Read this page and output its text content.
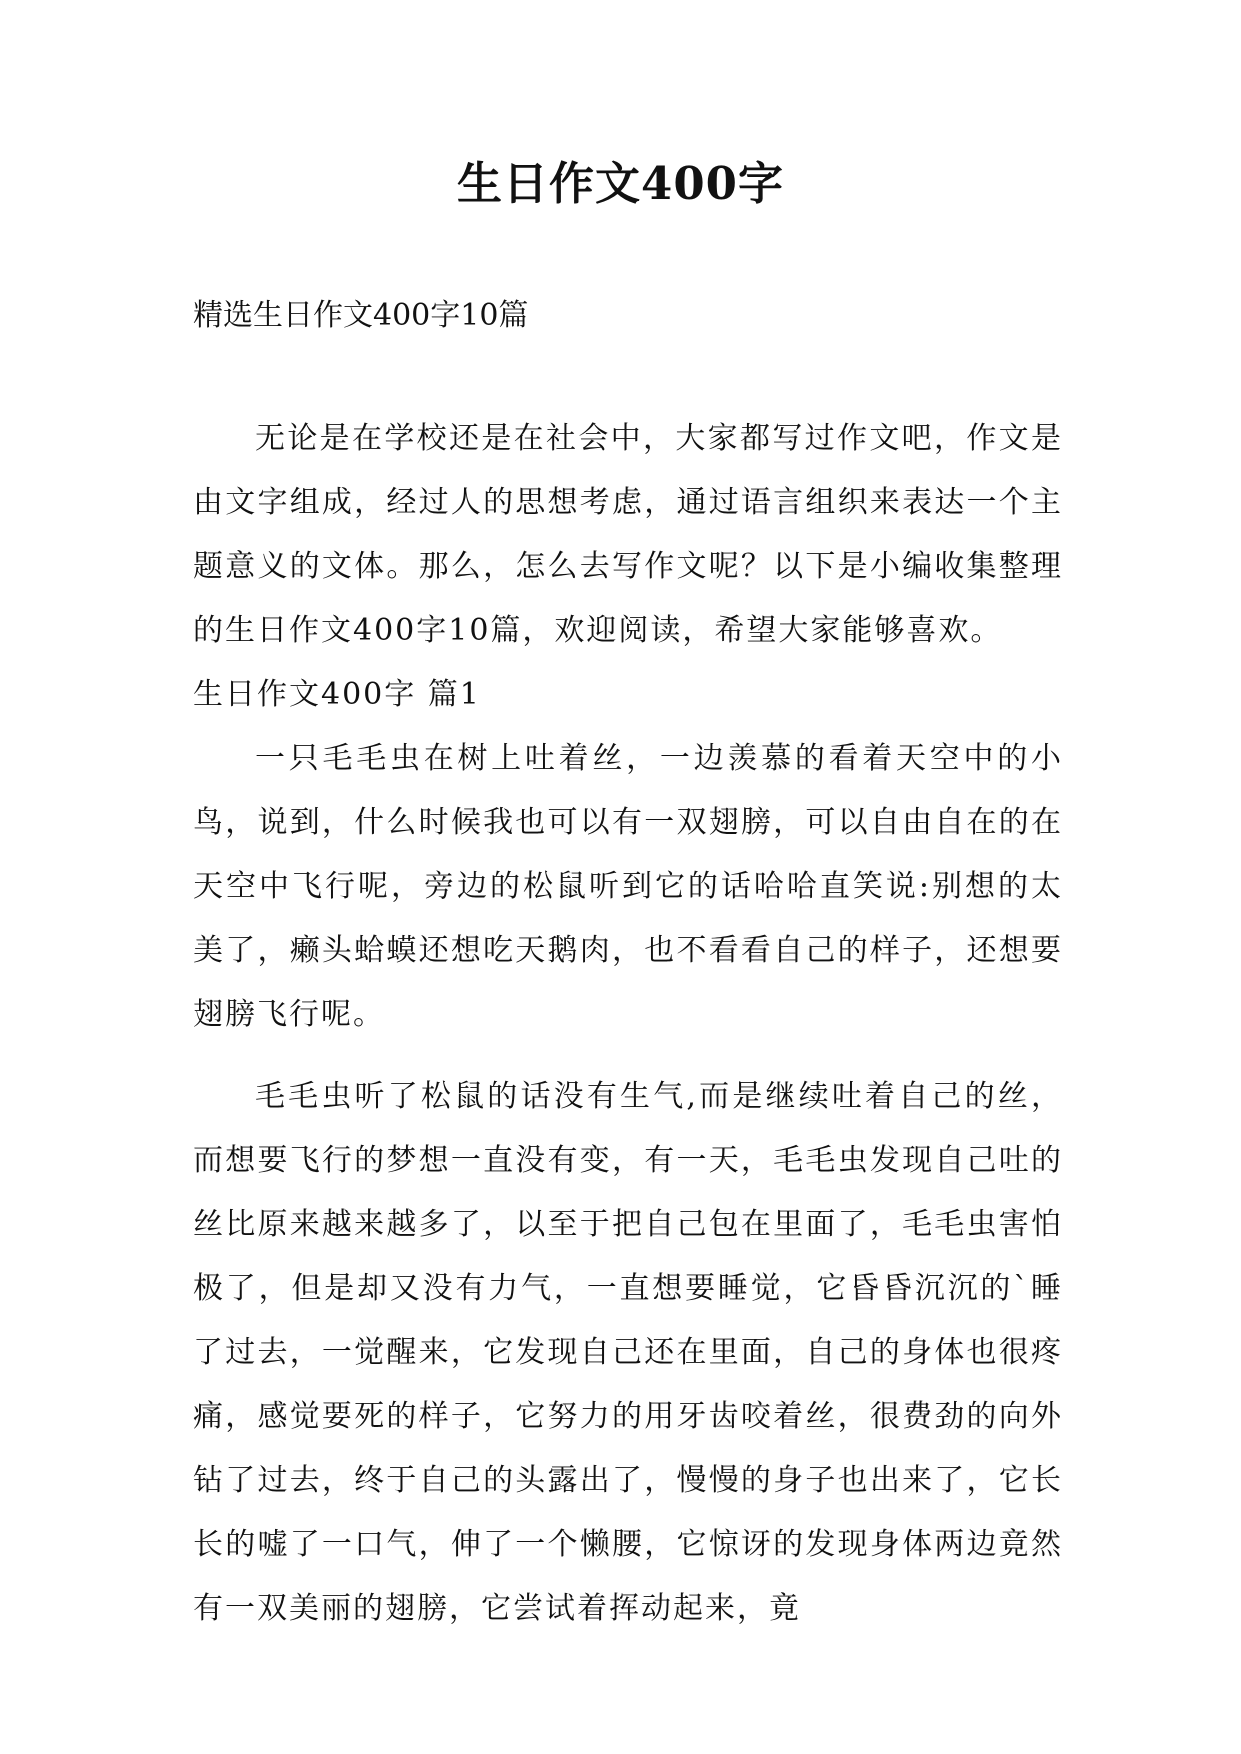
生日作文400字

精选生日作文400字10篇

无论是在学校还是在社会中，大家都写过作文吧，作文是由文字组成，经过人的思想考虑，通过语言组织来表达一个主题意义的文体。那么，怎么去写作文呢？以下是小编收集整理的生日作文400字10篇，欢迎阅读，希望大家能够喜欢。

生日作文400字 篇1

一只毛毛虫在树上吐着丝，一边羡慕的看着天空中的小鸟，说到，什么时候我也可以有一双翅膀，可以自由自在的在天空中飞行呢，旁边的松鼠听到它的话哈哈直笑说:别想的太美了，癞头蛤蟆还想吃天鹅肉，也不看看自己的样子，还想要翅膀飞行呢。

毛毛虫听了松鼠的话没有生气,而是继续吐着自己的丝，而想要飞行的梦想一直没有变，有一天，毛毛虫发现自己吐的丝比原来越来越多了，以至于把自己包在里面了，毛毛虫害怕极了，但是却又没有力气，一直想要睡觉，它昏昏沉沉的`睡了过去，一觉醒来，它发现自己还在里面，自己的身体也很疼痛，感觉要死的样子，它努力的用牙齿咬着丝，很费劲的向外钻了过去，终于自己的头露出了，慢慢的身子也出来了，它长长的嘘了一口气，伸了一个懒腰，它惊讶的发现身体两边竟然有一双美丽的翅膀，它尝试着挥动起来，竟
